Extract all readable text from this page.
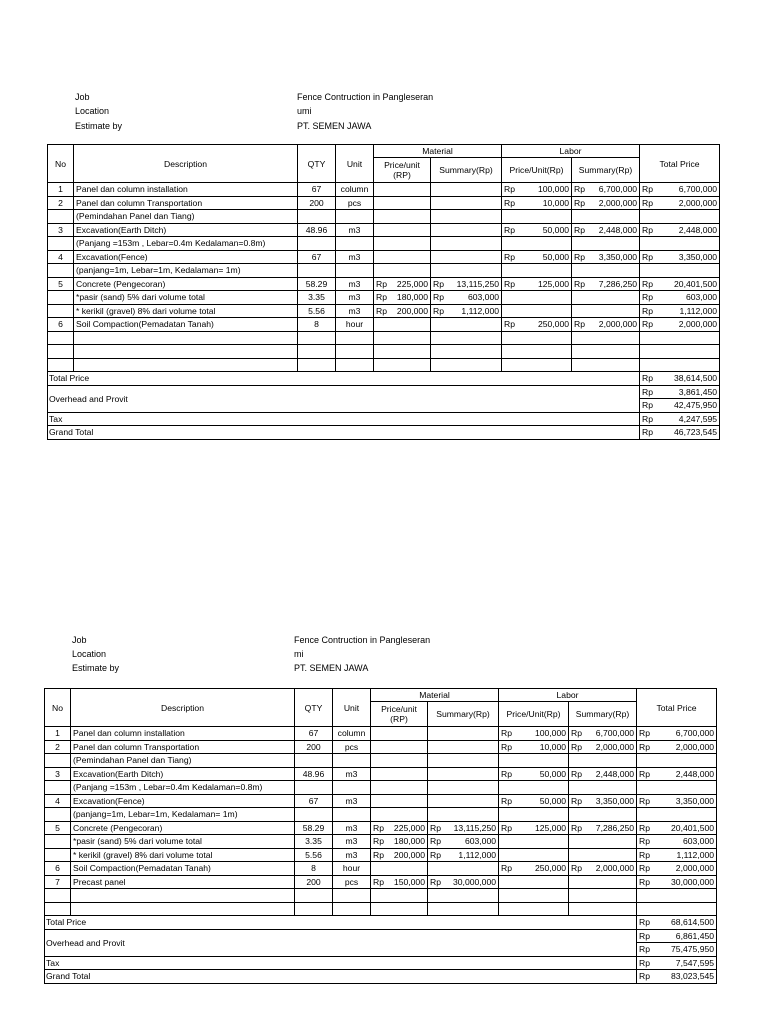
Job	Fence Contruction in Pangleseran
Location	umi
Estimate by	PT. SEMEN JAWA
No	Description	QTY	Unit	Material		Labor		Total Price
				Price/unit (RP)	Summary(Rp)	Price/Unit(Rp)	Summary(Rp)	
1	Panel dan column installation	67	column			Rp 100,000	Rp 6,700,000	Rp 6,700,000

2	Panel dan column Transportation	200	pcs			Rp 10,000	Rp 2,000,000	Rp 2,000,000

	(Pemindahan Panel dan Tiang)			

3	Excavation(Earth Ditch)	48.96	m3			Rp 50,000	Rp 2,448,000	Rp 2,448,000

	(Panjang =153m , Lebar=0.4m Kedalaman=0.8m)			

4	Excavation(Fence)	67	m3			Rp 50,000	Rp 3,350,000	Rp 3,350,000

	(panjang=1m, Lebar=1m, Kedalaman= 1m)			

5	Concrete (Pengecoran)	58.29	m3	Rp 225,000	Rp 13,115,250	Rp 125,000	Rp 7,286,250	Rp 20,401,500

	*pasir (sand) 5% dari volume total	3.35	m3	Rp 180,000	Rp 603,000			Rp 603,000

	* kerikil (gravel) 8% dari volume total	5.56	m3	Rp 200,000	Rp 1,112,000			Rp 1,112,000

6	Soil Compaction(Pemadatan Tanah)	8	hour			Rp 250,000	Rp 2,000,000	Rp 2,000,000

Total Price								Rp 38,614,500

Overhead and Provit								Rp 3,861,450

								Rp 42,475,950

Tax								Rp 4,247,595

Grand Total								Rp 46,723,545
Job	Fence Contruction in Pangleseran
Location	mi
Estimate by	PT. SEMEN JAWA
No	Description	QTY	Unit	Material		Labor		Total Price
				Price/unit (RP)	Summary(Rp)	Price/Unit(Rp)	Summary(Rp)	
1	Panel dan column installation	67	column			Rp 100,000	Rp 6,700,000	Rp 6,700,000

2	Panel dan column Transportation	200	pcs			Rp 10,000	Rp 2,000,000	Rp 2,000,000

	(Pemindahan Panel dan Tiang)			

3	Excavation(Earth Ditch)	48.96	m3			Rp 50,000	Rp 2,448,000	Rp 2,448,000

	(Panjang =153m , Lebar=0.4m Kedalaman=0.8m)			

4	Excavation(Fence)	67	m3			Rp 50,000	Rp 3,350,000	Rp 3,350,000

	(panjang=1m, Lebar=1m, Kedalaman= 1m)			

5	Concrete (Pengecoran)	58.29	m3	Rp 225,000	Rp 13,115,250	Rp 125,000	Rp 7,286,250	Rp 20,401,500

	*pasir (sand) 5% dari volume total	3.35	m3	Rp 180,000	Rp 603,000			Rp 603,000

	* kerikil (gravel) 8% dari volume total	5.56	m3	Rp 200,000	Rp 1,112,000			Rp 1,112,000

6	Soil Compaction(Pemadatan Tanah)	8	hour			Rp 250,000	Rp 2,000,000	Rp 2,000,000

7	Precast panel	200	pcs	Rp 150,000	Rp 30,000,000			Rp 30,000,000

Total Price								Rp 68,614,500

Overhead and Provit								Rp 6,861,450

								Rp 75,475,950

Tax								Rp 7,547,595

Grand Total								Rp 83,023,545
